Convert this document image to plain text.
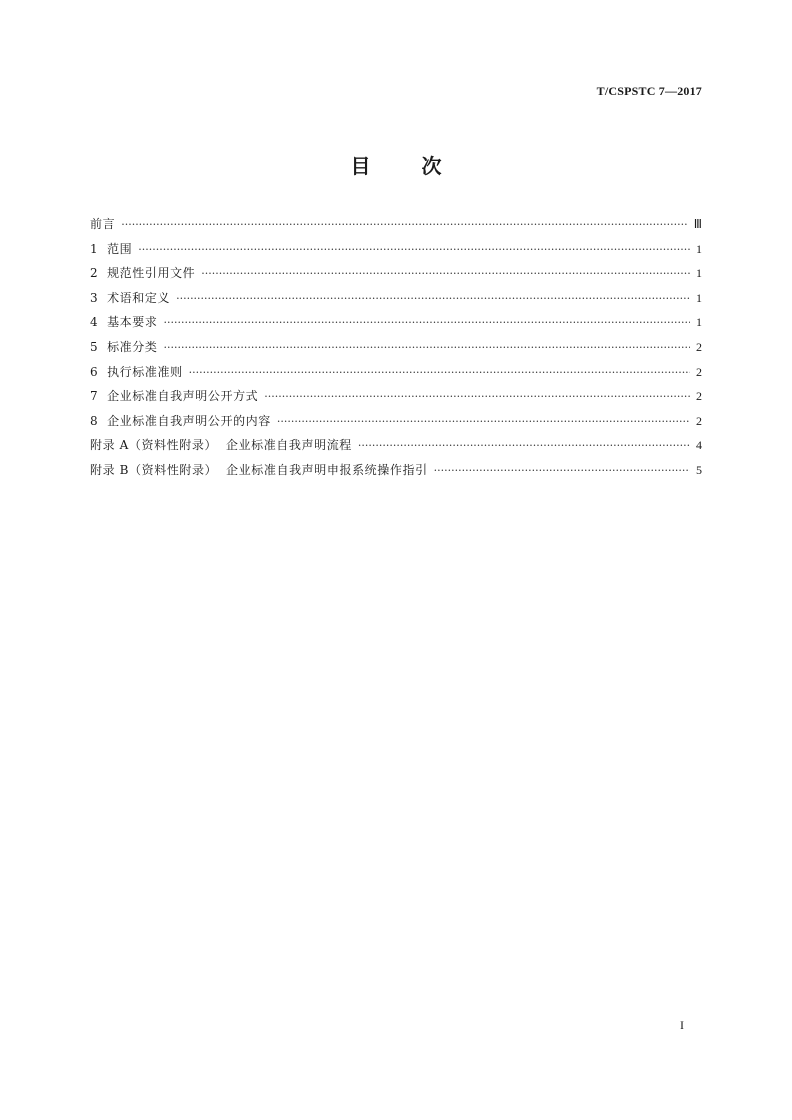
T/CSPSTC 7—2017
目	次
前言 ·····	Ⅲ
1  范围 ·····	1
2  规范性引用文件 ·····	1
3  术语和定义 ·····	1
4  基本要求 ·····	1
5  标准分类 ·····	2
6  执行标准准则 ·····	2
7  企业标准自我声明公开方式 ·····	2
8  企业标准自我声明公开的内容 ·····	2
附录 A（资料性附录）  企业标准自我声明流程 ·····	4
附录 B（资料性附录）  企业标准自我声明申报系统操作指引 ·····	5
I
